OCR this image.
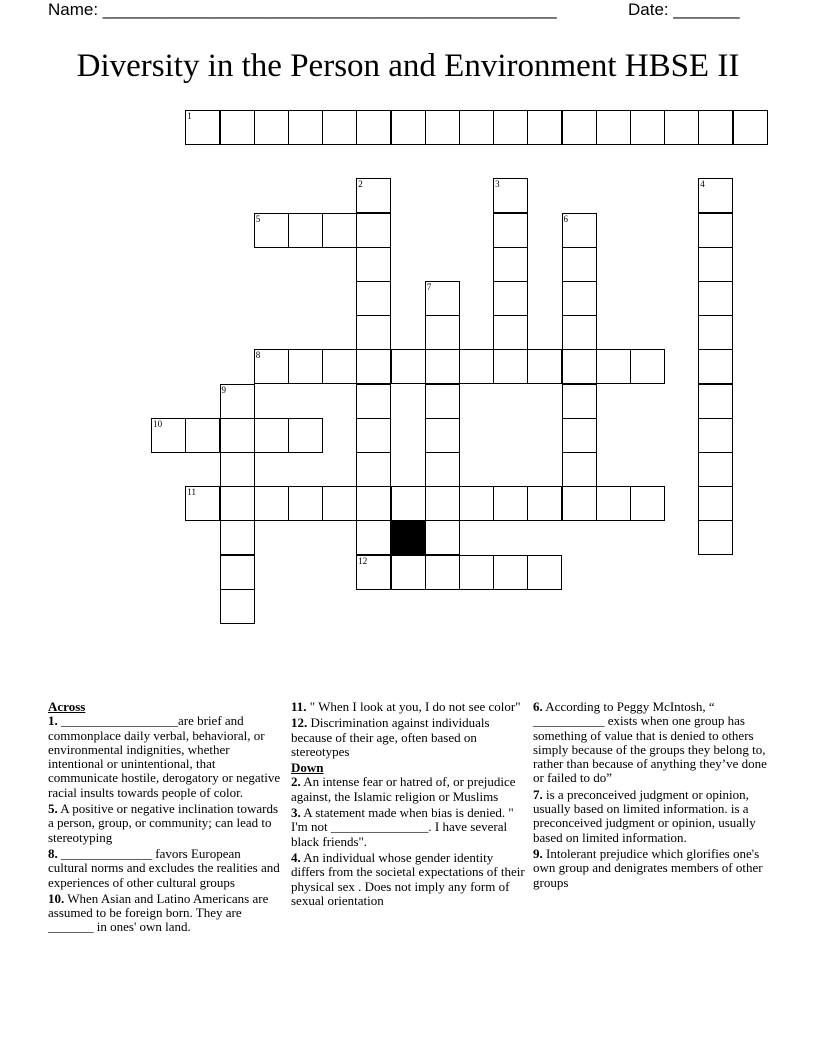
Name: ________________________________________________

	Date: _______

Diversity in the Person and Environment HBSE II
1
2	3	4
5	6
7
8
9
10
11
12
Across
1. __________________are brief and commonplace daily verbal, behavioral, or environmental indignities, whether intentional or unintentional, that communicate hostile, derogatory or negative racial insults towards people of color.
5. A positive or negative inclination towards a person, group, or community; can lead to stereotyping
8. ______________ favors European cultural norms and excludes the realities and experiences of other cultural groups
10. When Asian and Latino Americans are assumed to be foreign born. They are _______ in ones' own land.
11. " When I look at you, I do not see color"
12. Discrimination against individuals because of their age, often based on stereotypes
Down
2. An intense fear or hatred of, or prejudice against, the Islamic religion or Muslims
3. A statement made when bias is denied. " I'm not _______________. I have several black friends".
4. An individual whose gender identity differs from the societal expectations of their physical sex . Does not imply any form of sexual orientation
6. According to Peggy McIntosh, “ ___________ exists when one group has something of value that is denied to others simply because of the groups they belong to, rather than because of anything they’ve done or failed to do”
7. is a preconceived judgment or opinion, usually based on limited information. is a preconceived judgment or opinion, usually based on limited information.
9. Intolerant prejudice which glorifies one's own group and denigrates members of other groups
